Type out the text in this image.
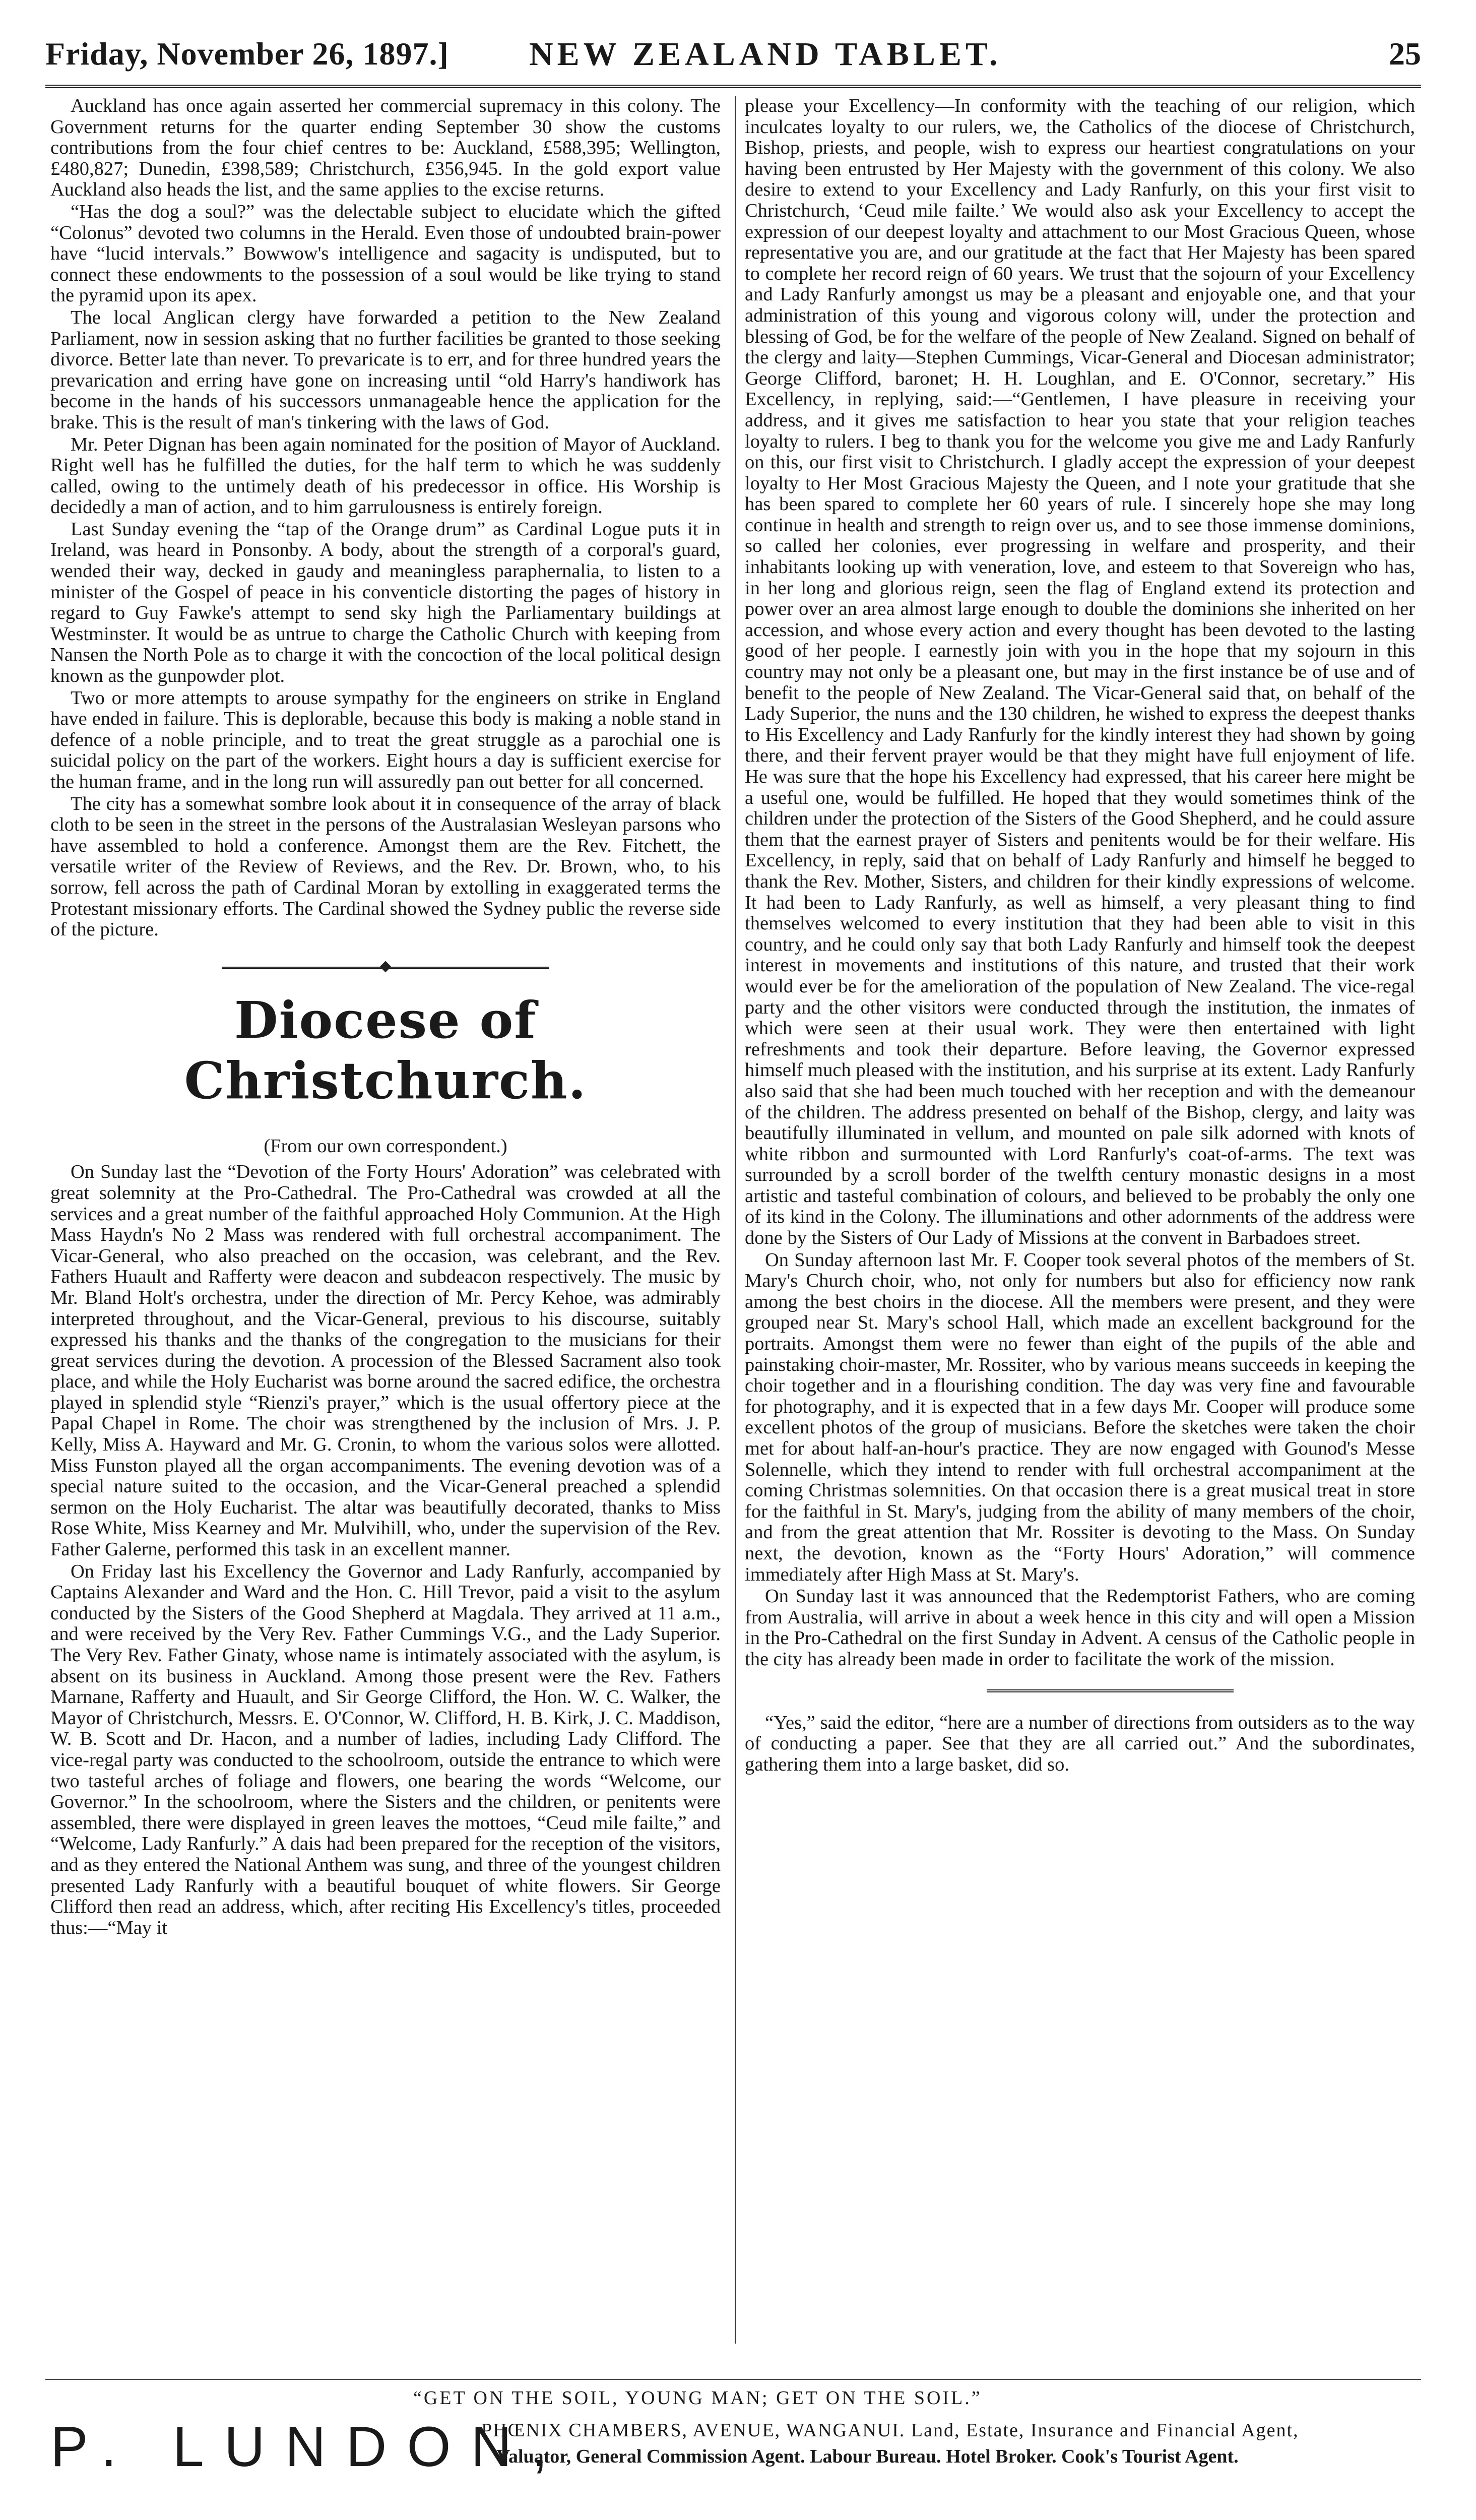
Friday, November 26, 1897.] NEW ZEALAND TABLET.	25

Auckland has once again asserted her commercial supremacy in this colony. The Government returns for the quarter ending September 30 show the customs contributions from the four chief centres to be: Auckland, £588,395; Wellington, £480,827; Dunedin, £398,589; Christchurch, £356,945. In the gold export value Auckland also heads the list, and the same applies to the excise returns.

“Has the dog a soul?” was the delectable subject to elucidate which the gifted “Colonus” devoted two columns in the Herald. Even those of undoubted brain-power have “lucid intervals.” Bowwow's intelligence and sagacity is undisputed, but to connect these endowments to the possession of a soul would be like trying to stand the pyramid upon its apex.

The local Anglican clergy have forwarded a petition to the New Zealand Parliament, now in session asking that no further facilities be granted to those seeking divorce. Better late than never. To prevaricate is to err, and for three hundred years the prevarication and erring have gone on increasing until “old Harry's handiwork has become in the hands of his successors unmanageable hence the application for the brake. This is the result of man's tinkering with the laws of God.

Mr. Peter Dignan has been again nominated for the position of Mayor of Auckland. Right well has he fulfilled the duties, for the half term to which he was suddenly called, owing to the untimely death of his predecessor in office. His Worship is decidedly a man of action, and to him garrulousness is entirely foreign.

Last Sunday evening the “tap of the Orange drum” as Cardinal Logue puts it in Ireland, was heard in Ponsonby. A body, about the strength of a corporal's guard, wended their way, decked in gaudy and meaningless paraphernalia, to listen to a minister of the Gospel of peace in his conventicle distorting the pages of history in regard to Guy Fawke's attempt to send sky high the Parliamentary buildings at Westminster. It would be as untrue to charge the Catholic Church with keeping from Nansen the North Pole as to charge it with the concoction of the local political design known as the gunpowder plot.

Two or more attempts to arouse sympathy for the engineers on strike in England have ended in failure. This is deplorable, because this body is making a noble stand in defence of a noble principle, and to treat the great struggle as a parochial one is suicidal policy on the part of the workers. Eight hours a day is sufficient exercise for the human frame, and in the long run will assuredly pan out better for all concerned.

The city has a somewhat sombre look about it in consequence of the array of black cloth to be seen in the street in the persons of the Australasian Wesleyan parsons who have assembled to hold a conference. Amongst them are the Rev. Fitchett, the versatile writer of the Review of Reviews, and the Rev. Dr. Brown, who, to his sorrow, fell across the path of Cardinal Moran by extolling in exaggerated terms the Protestant missionary efforts. The Cardinal showed the Sydney public the reverse side of the picture.

Diocese of Christchurch.

(From our own correspondent.)

On Sunday last the “Devotion of the Forty Hours' Adoration” was celebrated with great solemnity at the Pro-Cathedral. The Pro-Cathedral was crowded at all the services and a great number of the faithful approached Holy Communion. At the High Mass Haydn's No 2 Mass was rendered with full orchestral accompaniment. The Vicar-General, who also preached on the occasion, was celebrant, and the Rev. Fathers Huault and Rafferty were deacon and subdeacon respectively. The music by Mr. Bland Holt's orchestra, under the direction of Mr. Percy Kehoe, was admirably interpreted throughout, and the Vicar-General, previous to his discourse, suitably expressed his thanks and the thanks of the congregation to the musicians for their great services during the devotion. A procession of the Blessed Sacrament also took place, and while the Holy Eucharist was borne around the sacred edifice, the orchestra played in splendid style “Rienzi's prayer,” which is the usual offertory piece at the Papal Chapel in Rome. The choir was strengthened by the inclusion of Mrs. J. P. Kelly, Miss A. Hayward and Mr. G. Cronin, to whom the various solos were allotted. Miss Funston played all the organ accompaniments. The evening devotion was of a special nature suited to the occasion, and the Vicar-General preached a splendid sermon on the Holy Eucharist. The altar was beautifully decorated, thanks to Miss Rose White, Miss Kearney and Mr. Mulvihill, who, under the supervision of the Rev. Father Galerne, performed this task in an excellent manner.

On Friday last his Excellency the Governor and Lady Ranfurly, accompanied by Captains Alexander and Ward and the Hon. C. Hill Trevor, paid a visit to the asylum conducted by the Sisters of the Good Shepherd at Magdala. They arrived at 11 a.m., and were received by the Very Rev. Father Cummings V.G., and the Lady Superior. The Very Rev. Father Ginaty, whose name is intimately associated with the asylum, is absent on its business in Auckland. Among those present were the Rev. Fathers Marnane, Rafferty and Huault, and Sir George Clifford, the Hon. W. C. Walker, the Mayor of Christchurch, Messrs. E. O'Connor, W. Clifford, H. B. Kirk, J. C. Maddison, W. B. Scott and Dr. Hacon, and a number of ladies, including Lady Clifford. The vice-regal party was conducted to the schoolroom, outside the entrance to which were two tasteful arches of foliage and flowers, one bearing the words “Welcome, our Governor.” In the schoolroom, where the Sisters and the children, or penitents were assembled, there were displayed in green leaves the mottoes, “Ceud mile failte,” and “Welcome, Lady Ranfurly.” A dais had been prepared for the reception of the visitors, and as they entered the National Anthem was sung, and three of the youngest children presented Lady Ranfurly with a beautiful bouquet of white flowers. Sir George Clifford then read an address, which, after reciting His Excellency's titles, proceeded thus:—“May it

please your Excellency—In conformity with the teaching of our religion, which inculcates loyalty to our rulers, we, the Catholics of the diocese of Christchurch, Bishop, priests, and people, wish to express our heartiest congratulations on your having been entrusted by Her Majesty with the government of this colony. We also desire to extend to your Excellency and Lady Ranfurly, on this your first visit to Christchurch, ‘Ceud mile failte.’ We would also ask your Excellency to accept the expression of our deepest loyalty and attachment to our Most Gracious Queen, whose representative you are, and our gratitude at the fact that Her Majesty has been spared to complete her record reign of 60 years. We trust that the sojourn of your Excellency and Lady Ranfurly amongst us may be a pleasant and enjoyable one, and that your administration of this young and vigorous colony will, under the protection and blessing of God, be for the welfare of the people of New Zealand. Signed on behalf of the clergy and laity—Stephen Cummings, Vicar-General and Diocesan administrator; George Clifford, baronet; H. H. Loughlan, and E. O'Connor, secretary.” His Excellency, in replying, said:—“Gentlemen, I have pleasure in receiving your address, and it gives me satisfaction to hear you state that your religion teaches loyalty to rulers. I beg to thank you for the welcome you give me and Lady Ranfurly on this, our first visit to Christchurch. I gladly accept the expression of your deepest loyalty to Her Most Gracious Majesty the Queen, and I note your gratitude that she has been spared to complete her 60 years of rule. I sincerely hope she may long continue in health and strength to reign over us, and to see those immense dominions, so called her colonies, ever progressing in welfare and prosperity, and their inhabitants looking up with veneration, love, and esteem to that Sovereign who has, in her long and glorious reign, seen the flag of England extend its protection and power over an area almost large enough to double the dominions she inherited on her accession, and whose every action and every thought has been devoted to the lasting good of her people. I earnestly join with you in the hope that my sojourn in this country may not only be a pleasant one, but may in the first instance be of use and of benefit to the people of New Zealand. The Vicar-General said that, on behalf of the Lady Superior, the nuns and the 130 children, he wished to express the deepest thanks to His Excellency and Lady Ranfurly for the kindly interest they had shown by going there, and their fervent prayer would be that they might have full enjoyment of life. He was sure that the hope his Excellency had expressed, that his career here might be a useful one, would be fulfilled. He hoped that they would sometimes think of the children under the protection of the Sisters of the Good Shepherd, and he could assure them that the earnest prayer of Sisters and penitents would be for their welfare. His Excellency, in reply, said that on behalf of Lady Ranfurly and himself he begged to thank the Rev. Mother, Sisters, and children for their kindly expressions of welcome. It had been to Lady Ranfurly, as well as himself, a very pleasant thing to find themselves welcomed to every institution that they had been able to visit in this country, and he could only say that both Lady Ranfurly and himself took the deepest interest in movements and institutions of this nature, and trusted that their work would ever be for the amelioration of the population of New Zealand. The vice-regal party and the other visitors were conducted through the institution, the inmates of which were seen at their usual work. They were then entertained with light refreshments and took their departure. Before leaving, the Governor expressed himself much pleased with the institution, and his surprise at its extent. Lady Ranfurly also said that she had been much touched with her reception and with the demeanour of the children. The address presented on behalf of the Bishop, clergy, and laity was beautifully illuminated in vellum, and mounted on pale silk adorned with knots of white ribbon and surmounted with Lord Ranfurly's coat-of-arms. The text was surrounded by a scroll border of the twelfth century monastic designs in a most artistic and tasteful combination of colours, and believed to be probably the only one of its kind in the Colony. The illuminations and other adornments of the address were done by the Sisters of Our Lady of Missions at the convent in Barbadoes street.

On Sunday afternoon last Mr. F. Cooper took several photos of the members of St. Mary's Church choir, who, not only for numbers but also for efficiency now rank among the best choirs in the diocese. All the members were present, and they were grouped near St. Mary's school Hall, which made an excellent background for the portraits. Amongst them were no fewer than eight of the pupils of the able and painstaking choir-master, Mr. Rossiter, who by various means succeeds in keeping the choir together and in a flourishing condition. The day was very fine and favourable for photography, and it is expected that in a few days Mr. Cooper will produce some excellent photos of the group of musicians. Before the sketches were taken the choir met for about half-an-hour's practice. They are now engaged with Gounod's Messe Solennelle, which they intend to render with full orchestral accompaniment at the coming Christmas solemnities. On that occasion there is a great musical treat in store for the faithful in St. Mary's, judging from the ability of many members of the choir, and from the great attention that Mr. Rossiter is devoting to the Mass. On Sunday next, the devotion, known as the “Forty Hours' Adoration,” will commence immediately after High Mass at St. Mary's.

On Sunday last it was announced that the Redemptorist Fathers, who are coming from Australia, will arrive in about a week hence in this city and will open a Mission in the Pro-Cathedral on the first Sunday in Advent. A census of the Catholic people in the city has already been made in order to facilitate the work of the mission.

“Yes,” said the editor, “here are a number of directions from outsiders as to the way of conducting a paper. See that they are all carried out.” And the subordinates, gathering them into a large basket, did so.

“GET ON THE SOIL, YOUNG MAN; GET ON THE SOIL.”
P. LUNDON,
PHŒNIX CHAMBERS, AVENUE, WANGANUI. Land, Estate, Insurance and Financial Agent,
Valuator, General Commission Agent. Labour Bureau. Hotel Broker. Cook's Tourist Agent.
